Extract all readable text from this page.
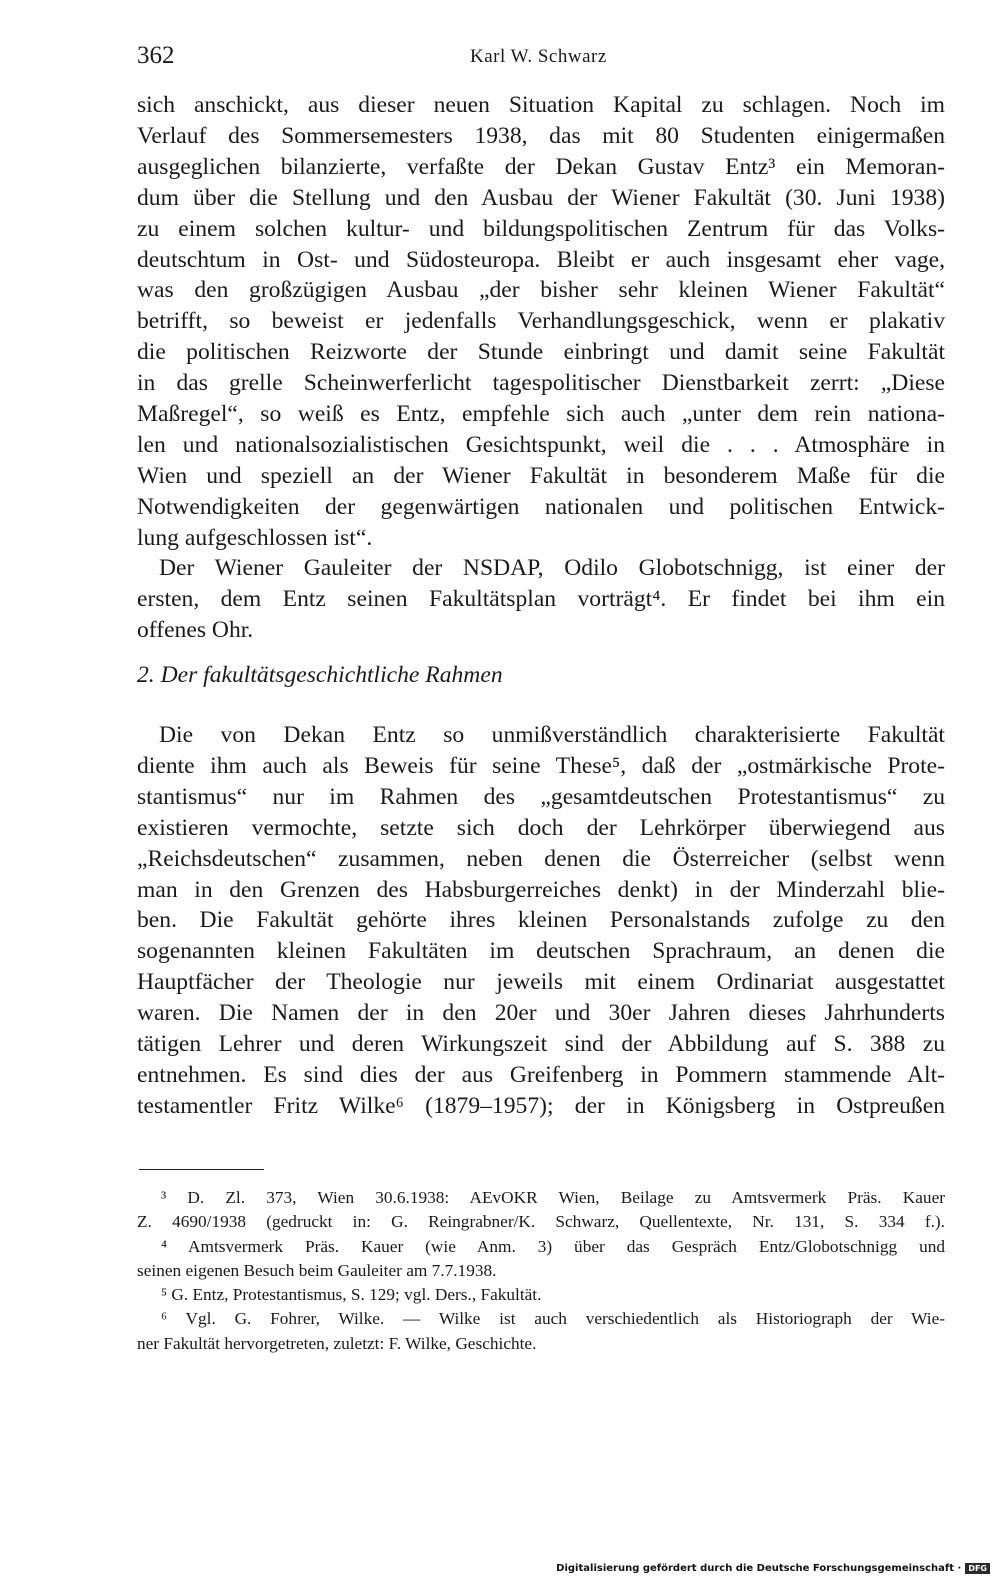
362	Karl W. Schwarz
sich anschickt, aus dieser neuen Situation Kapital zu schlagen. Noch im
Verlauf des Sommersemesters 1938, das mit 80 Studenten einigermaßen
ausgeglichen bilanzierte, verfaßte der Dekan Gustav Entz³ ein Memoran-
dum über die Stellung und den Ausbau der Wiener Fakultät (30. Juni 1938)
zu einem solchen kultur- und bildungspolitischen Zentrum für das Volks-
deutschtum in Ost- und Südosteuropa. Bleibt er auch insgesamt eher vage,
was den großzügigen Ausbau „der bisher sehr kleinen Wiener Fakultät“
betrifft, so beweist er jedenfalls Verhandlungsgeschick, wenn er plakativ
die politischen Reizworte der Stunde einbringt und damit seine Fakultät
in das grelle Scheinwerferlicht tagespolitischer Dienstbarkeit zerrt: „Diese
Maßregel“, so weiß es Entz, empfehle sich auch „unter dem rein nationa-
len und nationalsozialistischen Gesichtspunkt, weil die . . . Atmosphäre in
Wien und speziell an der Wiener Fakultät in besonderem Maße für die
Notwendigkeiten der gegenwärtigen nationalen und politischen Entwick-
lung aufgeschlossen ist“.
Der Wiener Gauleiter der NSDAP, Odilo Globotschnigg, ist einer der
ersten, dem Entz seinen Fakultätsplan vorträgt⁴. Er findet bei ihm ein
offenes Ohr.
2. Der fakultätsgeschichtliche Rahmen
Die von Dekan Entz so unmißverständlich charakterisierte Fakultät
diente ihm auch als Beweis für seine These⁵, daß der „ostmärkische Prote-
stantismus“ nur im Rahmen des „gesamtdeutschen Protestantismus“ zu
existieren vermochte, setzte sich doch der Lehrkörper überwiegend aus
„Reichsdeutschen“ zusammen, neben denen die Österreicher (selbst wenn
man in den Grenzen des Habsburgerreiches denkt) in der Minderzahl blie-
ben. Die Fakultät gehörte ihres kleinen Personalstands zufolge zu den
sogenannten kleinen Fakultäten im deutschen Sprachraum, an denen die
Hauptfächer der Theologie nur jeweils mit einem Ordinariat ausgestattet
waren. Die Namen der in den 20er und 30er Jahren dieses Jahrhunderts
tätigen Lehrer und deren Wirkungszeit sind der Abbildung auf S. 388 zu
entnehmen. Es sind dies der aus Greifenberg in Pommern stammende Alt-
testamentler Fritz Wilke⁶ (1879–1957); der in Königsberg in Ostpreußen
³ D. Zl. 373, Wien 30.6.1938: AEvOKR Wien, Beilage zu Amtsvermerk Präs. Kauer
Z. 4690/1938 (gedruckt in: G. Reingrabner/K. Schwarz, Quellentexte, Nr. 131, S. 334 f.).
⁴ Amtsvermerk Präs. Kauer (wie Anm. 3) über das Gespräch Entz/Globotschnigg und
seinen eigenen Besuch beim Gauleiter am 7.7.1938.
⁵ G. Entz, Protestantismus, S. 129; vgl. Ders., Fakultät.
⁶ Vgl. G. Fohrer, Wilke. — Wilke ist auch verschiedentlich als Historiograph der Wie-
ner Fakultät hervorgetreten, zuletzt: F. Wilke, Geschichte.
Digitalisierung gefördert durch die Deutsche Forschungsgemeinschaft · DFG
